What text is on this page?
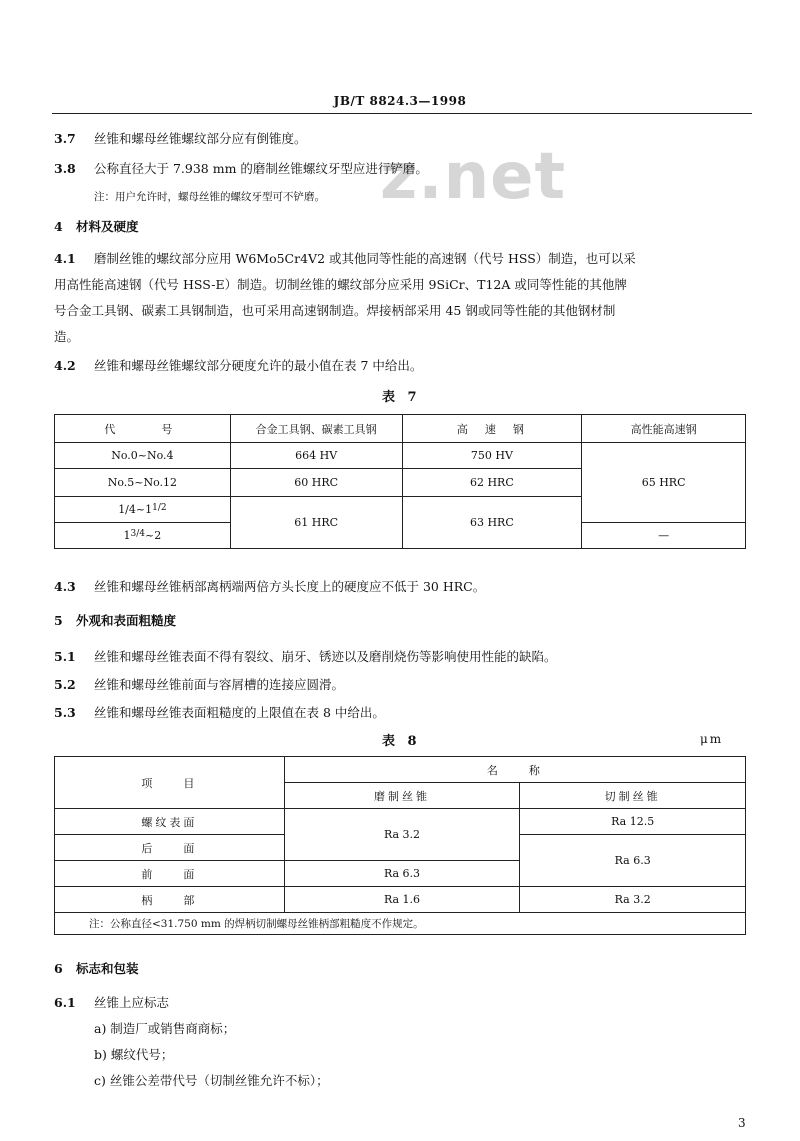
JB/T 8824.3—1998
z.net
3.7 丝锥和螺母丝锥螺纹部分应有倒锥度。
3.8 公称直径大于 7.938 mm 的磨制丝锥螺纹牙型应进行铲磨。
注：用户允许时，螺母丝锥的螺纹牙型可不铲磨。
4 材料及硬度
4.1 磨制丝锥的螺纹部分应用 W6Mo5Cr4V2 或其他同等性能的高速钢（代号 HSS）制造，也可以采
用高性能高速钢（代号 HSS-E）制造。切制丝锥的螺纹部分应采用 9SiCr、T12A 或同等性能的其他牌
号合金工具钢、碳素工具钢制造，也可采用高速钢制造。焊接柄部采用 45 钢或同等性能的其他钢材制
造。
4.2 丝锥和螺母丝锥螺纹部分硬度允许的最小值在表 7 中给出。
表 7
代　　号	合金工具钢、碳素工具钢	高　速　钢	高性能高速钢
No.0~No.4	664 HV	750 HV	65 HRC
No.5~No.12	60 HRC	62 HRC	
1/4~11/2	61 HRC	63 HRC	
13/4~2			—
4.3 丝锥和螺母丝锥柄部离柄端两倍方头长度上的硬度应不低于 30 HRC。
5 外观和表面粗糙度
5.1 丝锥和螺母丝锥表面不得有裂纹、崩牙、锈迹以及磨削烧伤等影响使用性能的缺陷。
5.2 丝锥和螺母丝锥前面与容屑槽的连接应圆滑。
5.3 丝锥和螺母丝锥表面粗糙度的上限值在表 8 中给出。
表 8	μm
项　　目	名　　称	
	磨制丝锥	切制丝锥
螺纹表面	Ra 3.2	Ra 12.5
后　　面		Ra 6.3
前　　面	Ra 6.3	
柄　　部	Ra 1.6	Ra 3.2
注：公称直径<31.750 mm 的焊柄切制螺母丝锥柄部粗糙度不作规定。		
6 标志和包装
6.1 丝锥上应标志
a) 制造厂或销售商商标；
b) 螺纹代号；
c) 丝锥公差带代号（切制丝锥允许不标）；
3
